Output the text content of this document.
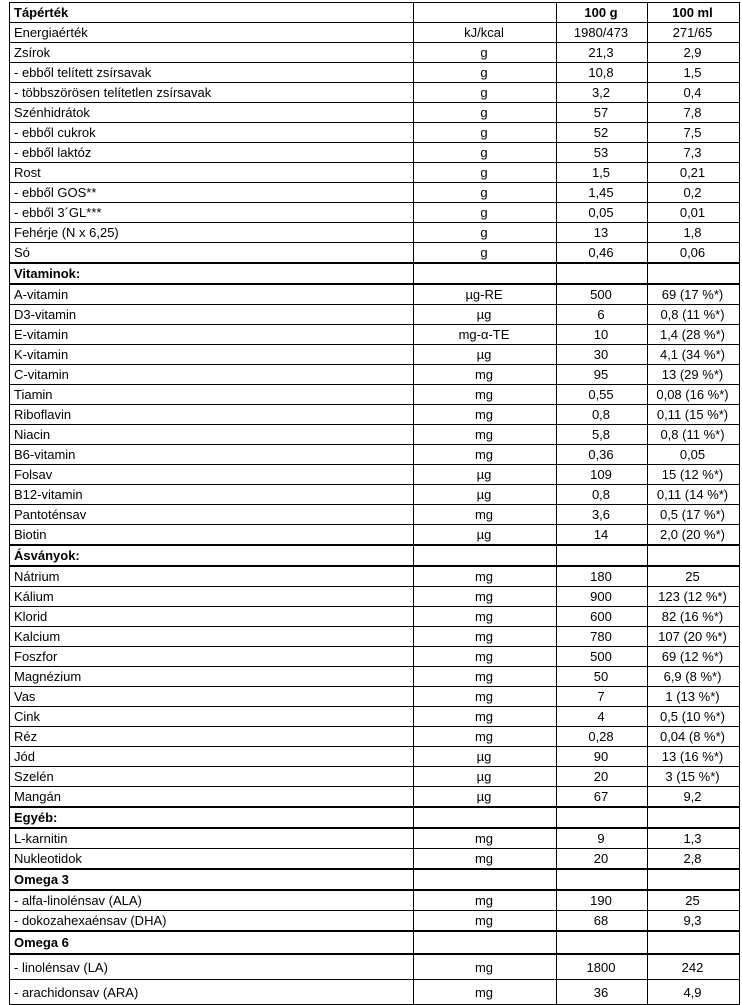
Tápérték		100 g	100 ml
Energiaérték	kJ/kcal	1980/473	271/65
Zsírok	g	21,3	2,9
- ebből telített zsírsavak	g	10,8	1,5
- többszörösen telítetlen zsírsavak	g	3,2	0,4
Szénhidrátok	g	57	7,8
- ebből cukrok	g	52	7,5
- ebből laktóz	g	53	7,3
Rost	g	1,5	0,21
- ebből GOS**	g	1,45	0,2
- ebből 3´GL***	g	0,05	0,01
Fehérje (N x 6,25)	g	13	1,8
Só	g	0,46	0,06
Vitaminok:			
A-vitamin	µg-RE	500	69 (17 %*)
D3-vitamin	µg	6	0,8 (11 %*)
E-vitamin	mg-α-TE	10	1,4 (28 %*)
K-vitamin	µg	30	4,1 (34 %*)
C-vitamin	mg	95	13 (29 %*)
Tiamin	mg	0,55	0,08 (16 %*)
Riboflavin	mg	0,8	0,11 (15 %*)
Niacin	mg	5,8	0,8 (11 %*)
B6-vitamin	mg	0,36	0,05
Folsav	µg	109	15 (12 %*)
B12-vitamin	µg	0,8	0,11 (14 %*)
Pantoténsav	mg	3,6	0,5 (17 %*)
Biotin	µg	14	2,0 (20 %*)
Ásványok:			
Nátrium	mg	180	25
Kálium	mg	900	123 (12 %*)
Klorid	mg	600	82 (16 %*)
Kalcium	mg	780	107 (20 %*)
Foszfor	mg	500	69 (12 %*)
Magnézium	mg	50	6,9 (8 %*)
Vas	mg	7	1 (13 %*)
Cink	mg	4	0,5 (10 %*)
Réz	mg	0,28	0,04 (8 %*)
Jód	µg	90	13 (16 %*)
Szelén	µg	20	3 (15 %*)
Mangán	µg	67	9,2
Egyéb:			
L-karnitin	mg	9	1,3
Nukleotidok	mg	20	2,8
Omega 3			
- alfa-linolénsav (ALA)	mg	190	25
- dokozahexaénsav (DHA)	mg	68	9,3
Omega 6			
- linolénsav (LA)	mg	1800	242
- arachidonsav (ARA)	mg	36	4,9
